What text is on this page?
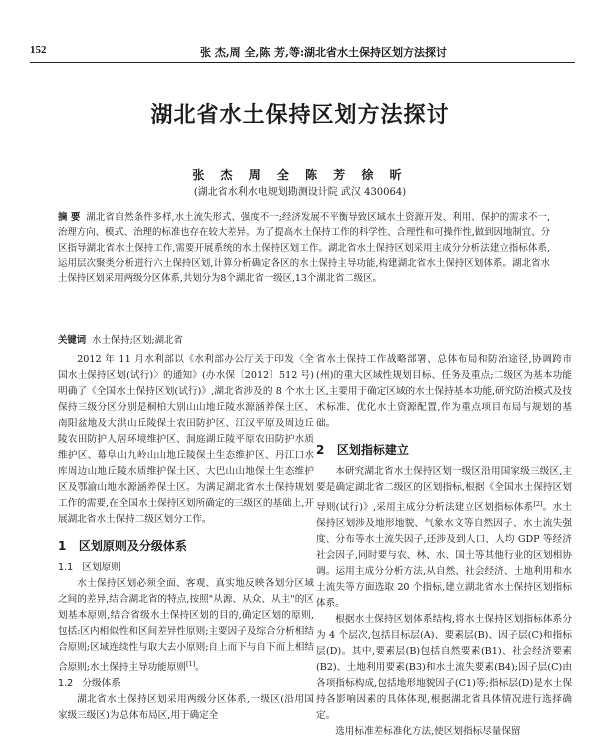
152	张 杰,周 全,陈 芳,等:湖北省水土保持区划方法探讨
湖北省水土保持区划方法探讨
张 杰 周 全 陈 芳 徐 昕
(湖北省水利水电规划勘测设计院 武汉 430064)
摘 要 湖北省自然条件多样,水土流失形式、强度不一;经济发展不平衡导致区域水土资源开发、利用、保护的需求不一,治理方向、模式、治理的标准也存在较大差异。为了提高水土保持工作的科学性、合理性和可操作性,做到因地制宜、分区指导湖北省水土保持工作,需要开展系统的水土保持区划工作。湖北省水土保持区划采用主成分分析法建立指标体系,运用层次聚类分析进行六土保持区划,计算分析确定各区的水土保持主导功能,构建湖北省水土保持区划体系。湖北省水土保持区划采用两级分区体系,共划分为8个湖北省一级区,13个湖北省二级区。
关键词 水土保持;区划;湖北省

2012 年 11 月水利部以《水利部办公厅关于印发〈全国水土保持区划(试行)〉的通知》(办水保〔2012〕512 号)明确了《全国水土保持区划(试行)》,湖北省涉及的 8 个水土保持三级分区分别是桐柏大别山山地丘陵水源涵养保土区、南阳盆地及大洪山丘陵保土农田防护区、江汉平原及周边丘陵农田防护人居环境维护区、洞庭湖丘陵平原农田防护水质维护区、幕阜山九岭山山地丘陵保土生态维护区、丹江口水库周边山地丘陵水质维护保土区、大巴山山地保土生态维护区及鄂渝山地水源涵养保土区。为满足湖北省水土保持规划工作的需要,在全国水土保持区划所确定的三级区的基础上,开展湖北省水土保持二级区划分工作。

1 区划原则及分级体系
1.1 区划原则

水土保持区划必须全面、客观、真实地反映各划分区域之间的差异,结合湖北省的特点,按照"从源、从众、从主"的区划基本原则,结合省级水土保持区划的目的,确定区划的原则,包括:区内相似性和区间差异性原则;主要因子及综合分析相结合原则;区域连续性与取大去小原则;自上而下与自下而上相结合原则;水土保持主导功能原则[1]。

1.2 分级体系

湖北省水土保持区划采用两级分区体系,一级区(沿用国家级三级区)为总体布局区,用于确定全

省水土保持工作战略部署、总体布局和防治途径,协调跨市(州)的重大区域性规划目标、任务及重点;二级区为基本功能区,主要用于确定区域的水土保持基本功能,研究防治模式及技术标准、优化水土资源配置,作为重点项目布局与规划的基础。

2 区划指标建立

本研究湖北省水土保持区划一级区沿用国家级三级区,主要是确定湖北省二级区的区划指标,根据《全国水土保持区划导则(试行)》,采用主成分分析法建立区划指标体系[2]。水土保持区划涉及地形地貌、气象水文等自然因子、水土流失强度、分布等水土流失因子,还涉及到人口、人均 GDP 等经济社会因子,同时要与农、林、水、国土等其他行业的区划相协调。运用主成分分析方法,从自然、社会经济、土地利用和水土流失等方面选取 20 个指标,建立湖北省水土保持区划指标体系。

根据水土保持区划体系结构,将水土保持区划指标体系分为 4 个层次,包括目标层(A)、要素层(B)、因子层(C)和指标层(D)。其中,要素层(B)包括自然要素(B1)、社会经济要素(B2)、土地利用要素(B3)和水土流失要素(B4);因子层(C)由各项指标构成,包括地形地貌因子(C1)等;指标层(D)是水土保持各影响因素的具体体现,根据湖北省具体情况进行选择确定。

选用标准差标准化方法,使区划指标尽量保留
